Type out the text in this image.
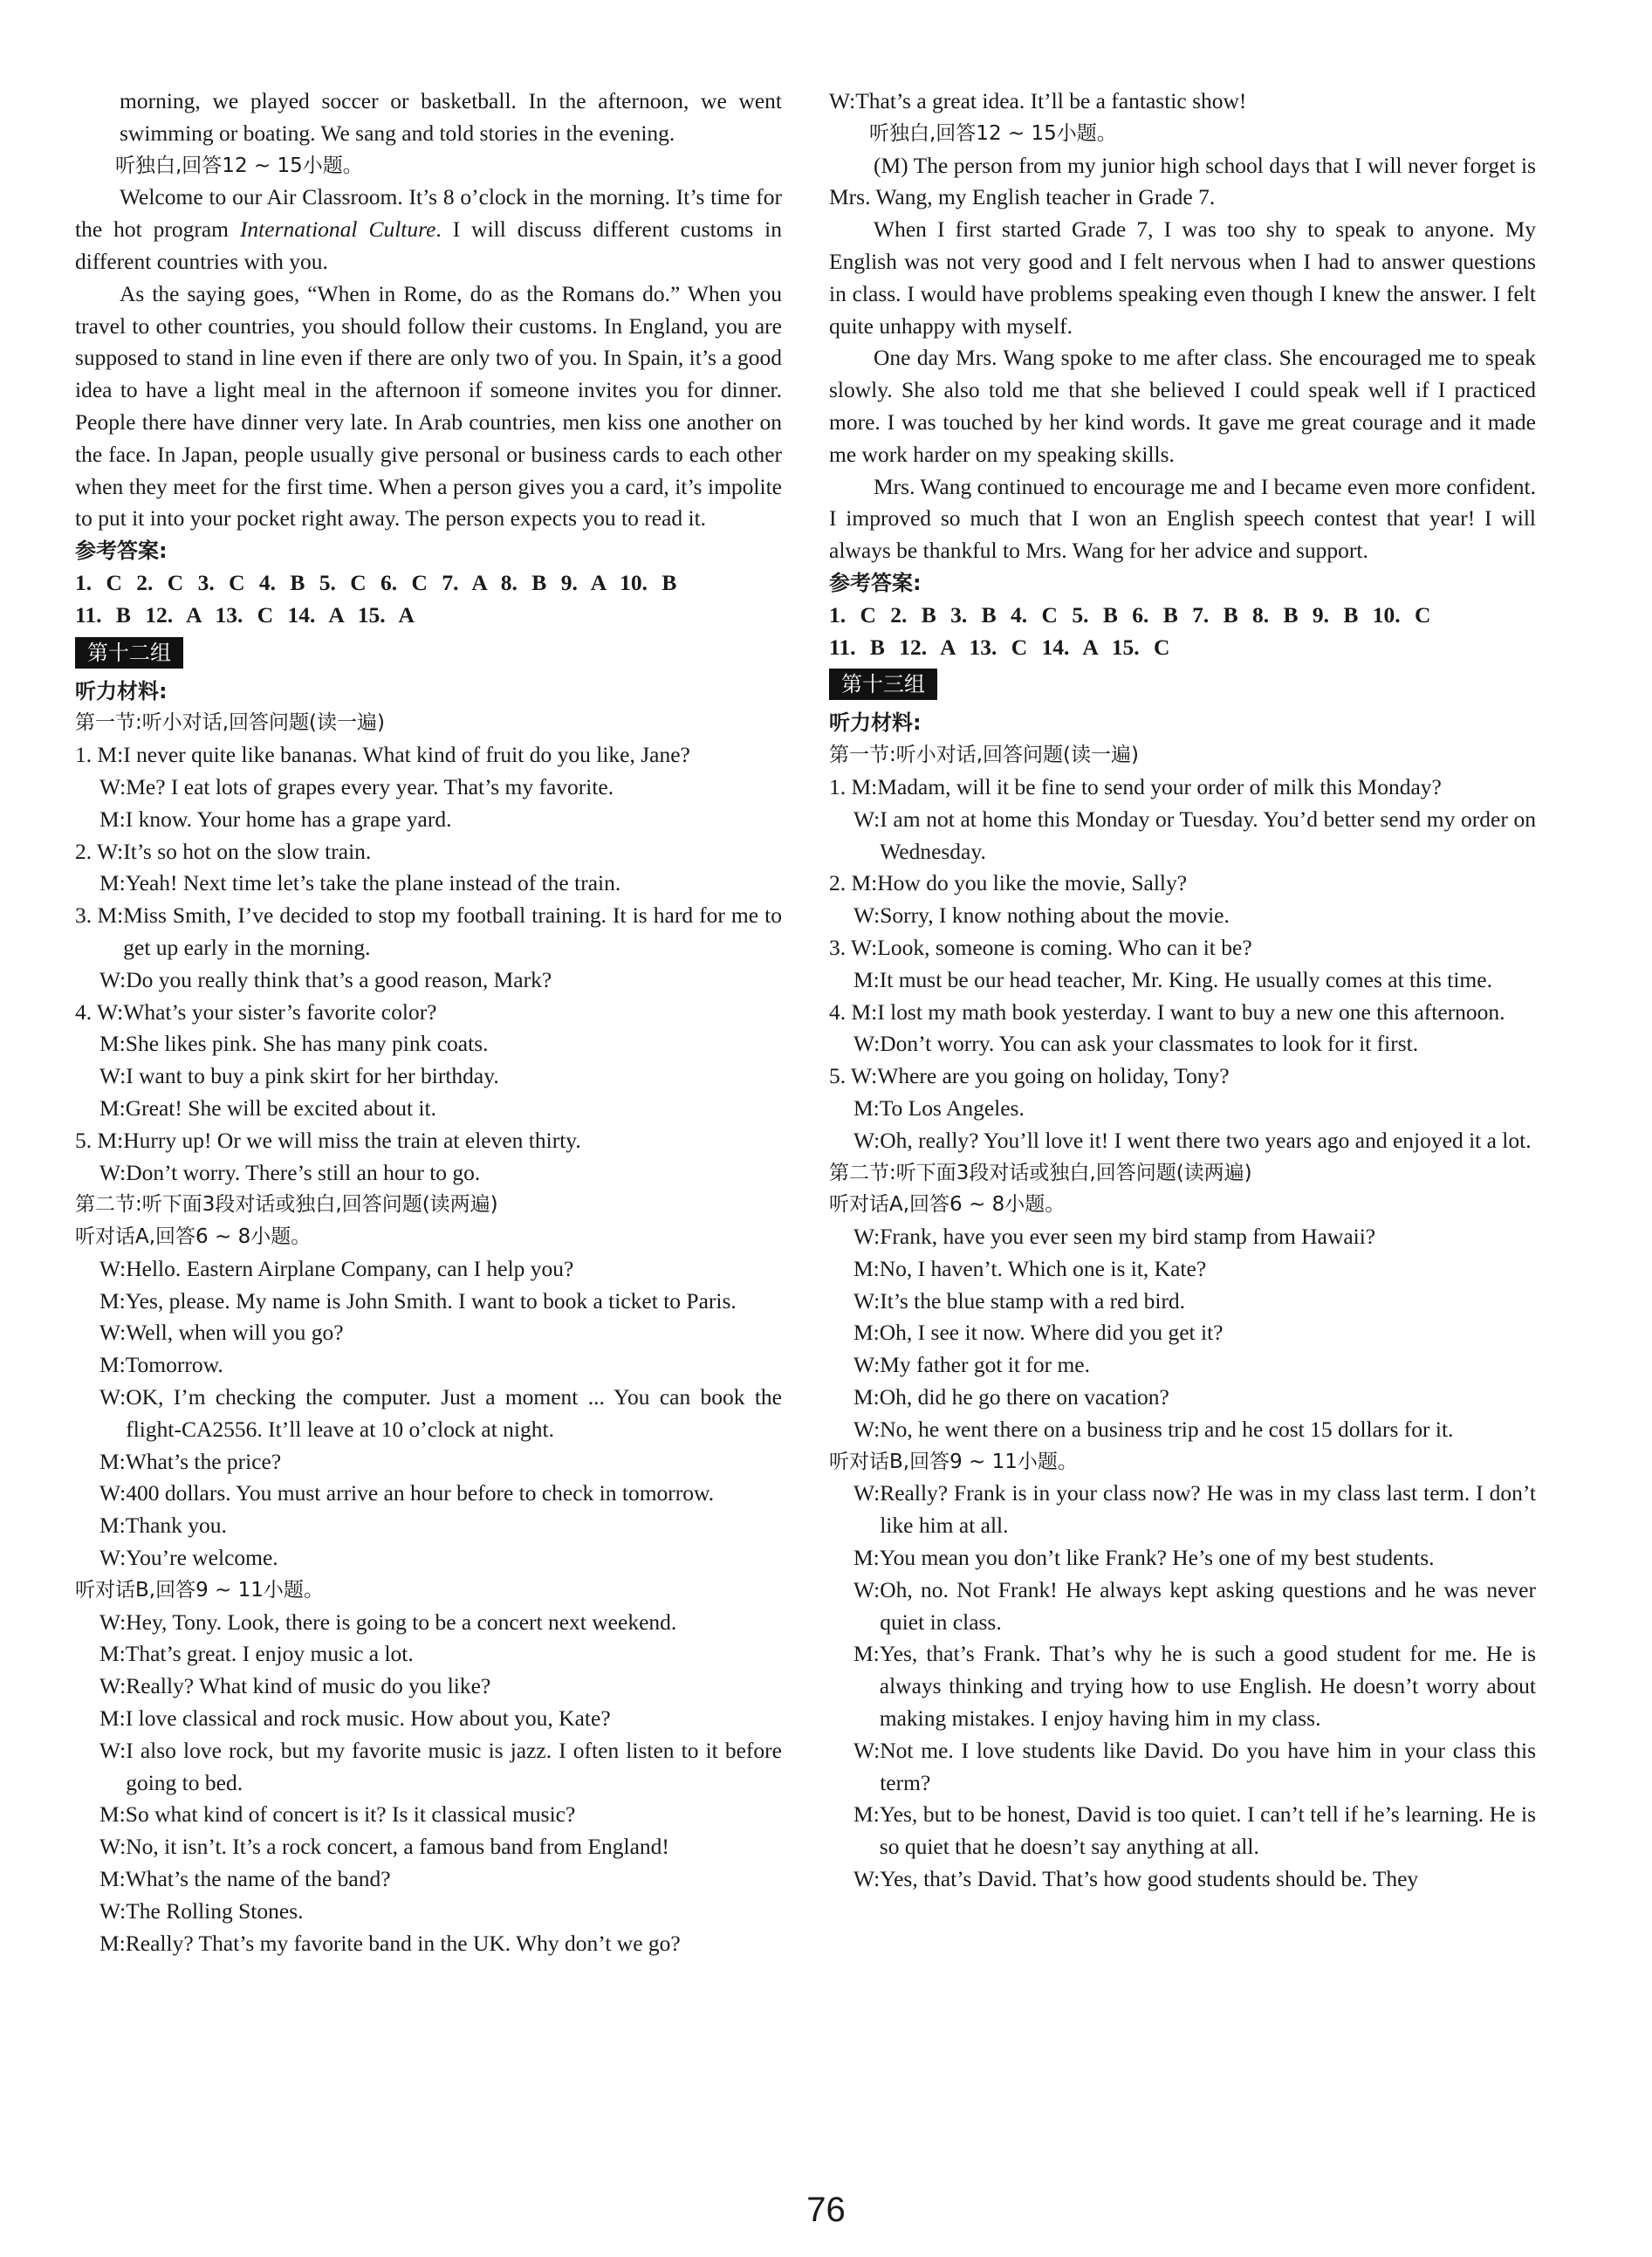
morning, we played soccer or basketball. In the afternoon, we went swimming or boating. We sang and told stories in the evening.

听独白,回答12 ~ 15小题。

Welcome to our Air Classroom. It’s 8 o’clock in the morning. It’s time for the hot program International Culture. I will discuss different customs in different countries with you.

As the saying goes, “When in Rome, do as the Romans do.” When you travel to other countries, you should follow their customs. In England, you are supposed to stand in line even if there are only two of you. In Spain, it’s a good idea to have a light meal in the afternoon if someone invites you for dinner. People there have dinner very late. In Arab countries, men kiss one another on the face. In Japan, people usually give personal or business cards to each other when they meet for the first time. When a person gives you a card, it’s impolite to put it into your pocket right away. The person expects you to read it.

参考答案:
1. C 2. C 3. C 4. B 5. C 6. C 7. A 8. B 9. A 10. B
11. B 12. A 13. C 14. A 15. A
第十二组
听力材料:
第一节:听小对话,回答问题(读一遍)
1. M: I never quite like bananas. What kind of fruit do you like, Jane?
W: Me? I eat lots of grapes every year. That’s my favorite.
M: I know. Your home has a grape yard.
2. W: It’s so hot on the slow train.
M: Yeah! Next time let’s take the plane instead of the train.
3. M: Miss Smith, I’ve decided to stop my football training. It is hard for me to get up early in the morning.
W: Do you really think that’s a good reason, Mark?
4. W: What’s your sister’s favorite color?
M: She likes pink. She has many pink coats.
W: I want to buy a pink skirt for her birthday.
M: Great! She will be excited about it.
5. M: Hurry up! Or we will miss the train at eleven thirty.
W: Don’t worry. There’s still an hour to go.
第二节:听下面3段对话或独白,回答问题(读两遍)
听对话A,回答6 ~ 8小题。
W: Hello. Eastern Airplane Company, can I help you?
M: Yes, please. My name is John Smith. I want to book a ticket to Paris.
W: Well, when will you go?
M: Tomorrow.
W: OK, I’m checking the computer. Just a moment ... You can book the flight-CA2556. It’ll leave at 10 o’clock at night.
M: What’s the price?
W: 400 dollars. You must arrive an hour before to check in tomorrow.
M: Thank you.
W: You’re welcome.
听对话B,回答9 ~ 11小题。
W: Hey, Tony. Look, there is going to be a concert next weekend.
M: That’s great. I enjoy music a lot.
W: Really? What kind of music do you like?
M: I love classical and rock music. How about you, Kate?
W: I also love rock, but my favorite music is jazz. I often listen to it before going to bed.
M: So what kind of concert is it? Is it classical music?
W: No, it isn’t. It’s a rock concert, a famous band from England!
M: What’s the name of the band?
W: The Rolling Stones.
M: Really? That’s my favorite band in the UK. Why don’t we go?
W: That’s a great idea. It’ll be a fantastic show!

听独白,回答12 ~ 15小题。

(M) The person from my junior high school days that I will never forget is Mrs. Wang, my English teacher in Grade 7.

When I first started Grade 7, I was too shy to speak to anyone. My English was not very good and I felt nervous when I had to answer questions in class. I would have problems speaking even though I knew the answer. I felt quite unhappy with myself.

One day Mrs. Wang spoke to me after class. She encouraged me to speak slowly. She also told me that she believed I could speak well if I practiced more. I was touched by her kind words. It gave me great courage and it made me work harder on my speaking skills.

Mrs. Wang continued to encourage me and I became even more confident. I improved so much that I won an English speech contest that year! I will always be thankful to Mrs. Wang for her advice and support.

参考答案:
1. C 2. B 3. B 4. C 5. B 6. B 7. B 8. B 9. B 10. C
11. B 12. A 13. C 14. A 15. C
第十三组
听力材料:
第一节:听小对话,回答问题(读一遍)
1. M: Madam, will it be fine to send your order of milk this Monday?
W: I am not at home this Monday or Tuesday. You’d better send my order on Wednesday.
2. M: How do you like the movie, Sally?
W: Sorry, I know nothing about the movie.
3. W: Look, someone is coming. Who can it be?
M: It must be our head teacher, Mr. King. He usually comes at this time.
4. M: I lost my math book yesterday. I want to buy a new one this afternoon.
W: Don’t worry. You can ask your classmates to look for it first.
5. W: Where are you going on holiday, Tony?
M: To Los Angeles.
W: Oh, really? You’ll love it! I went there two years ago and enjoyed it a lot.
第二节:听下面3段对话或独白,回答问题(读两遍)
听对话A,回答6 ~ 8小题。
W: Frank, have you ever seen my bird stamp from Hawaii?
M: No, I haven’t. Which one is it, Kate?
W: It’s the blue stamp with a red bird.
M: Oh, I see it now. Where did you get it?
W: My father got it for me.
M: Oh, did he go there on vacation?
W: No, he went there on a business trip and he cost 15 dollars for it.
听对话B,回答9 ~ 11小题。
W: Really? Frank is in your class now? He was in my class last term. I don’t like him at all.
M: You mean you don’t like Frank? He’s one of my best students.
W: Oh, no. Not Frank! He always kept asking questions and he was never quiet in class.
M: Yes, that’s Frank. That’s why he is such a good student for me. He is always thinking and trying how to use English. He doesn’t worry about making mistakes. I enjoy having him in my class.
W: Not me. I love students like David. Do you have him in your class this term?
M: Yes, but to be honest, David is too quiet. I can’t tell if he’s learning. He is so quiet that he doesn’t say anything at all.
W: Yes, that’s David. That’s how good students should be. They
76
